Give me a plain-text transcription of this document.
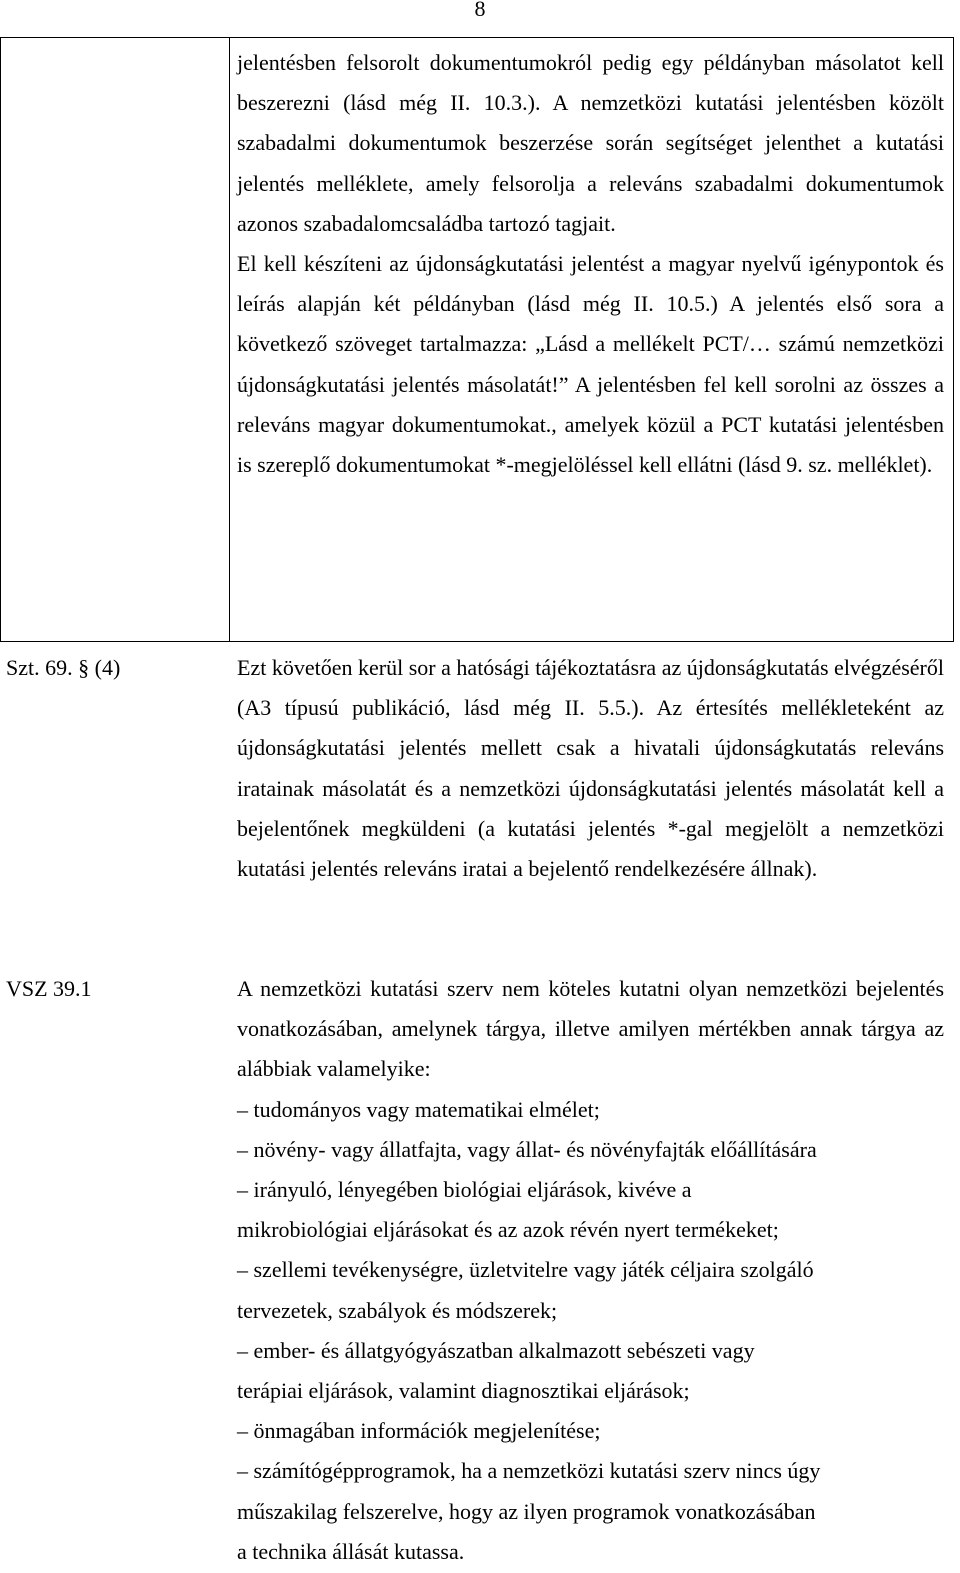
8

jelentésben felsorolt dokumentumokról pedig egy példányban másolatot kell beszerezni (lásd még II. 10.3.). A nemzetközi kutatási jelentésben közölt szabadalmi dokumentumok beszerzése során segítséget jelenthet a kutatási jelentés melléklete, amely felsorolja a releváns szabadalmi dokumentumok azonos szabadalomcsaládba tartozó tagjait.

El kell készíteni az újdonságkutatási jelentést a magyar nyelvű igénypontok és leírás alapján két példányban (lásd még II. 10.5.) A jelentés első sora a következő szöveget tartalmazza: „Lásd a mellékelt PCT/… számú nemzetközi újdonságkutatási jelentés másolatát!” A jelentésben fel kell sorolni az összes a releváns magyar dokumentumokat., amelyek közül a PCT kutatási jelentésben is szereplő dokumentumokat *-megjelöléssel kell ellátni (lásd 9. sz. melléklet).

Szt. 69. § (4)	Ezt követően kerül sor a hatósági tájékoztatásra az újdonságkutatás elvégzéséről (A3 típusú publikáció, lásd még II. 5.5.). Az értesítés mellékleteként az újdonságkutatási jelentés mellett csak a hivatali újdonságkutatás releváns iratainak másolatát és a nemzetközi újdonságkutatási jelentés másolatát kell a bejelentőnek megküldeni (a kutatási jelentés *-gal megjelölt a nemzetközi kutatási jelentés releváns iratai a bejelentő rendelkezésére állnak).

VSZ 39.1	A nemzetközi kutatási szerv nem köteles kutatni olyan nemzetközi bejelentés vonatkozásában, amelynek tárgya, illetve amilyen mértékben annak tárgya az alábbiak valamelyike:

– tudományos vagy matematikai elmélet;
– növény- vagy állatfajta, vagy állat- és növényfajták előállítására
– irányuló, lényegében biológiai eljárások, kivéve a
mikrobiológiai eljárásokat és az azok révén nyert termékeket;
– szellemi tevékenységre, üzletvitelre vagy játék céljaira szolgáló
tervezetek, szabályok és módszerek;
– ember- és állatgyógyászatban alkalmazott sebészeti vagy
terápiai eljárások, valamint diagnosztikai eljárások;
– önmagában információk megjelenítése;
– számítógépprogramok, ha a nemzetközi kutatási szerv nincs úgy
műszakilag felszerelve, hogy az ilyen programok vonatkozásában
a technika állását kutassa.
